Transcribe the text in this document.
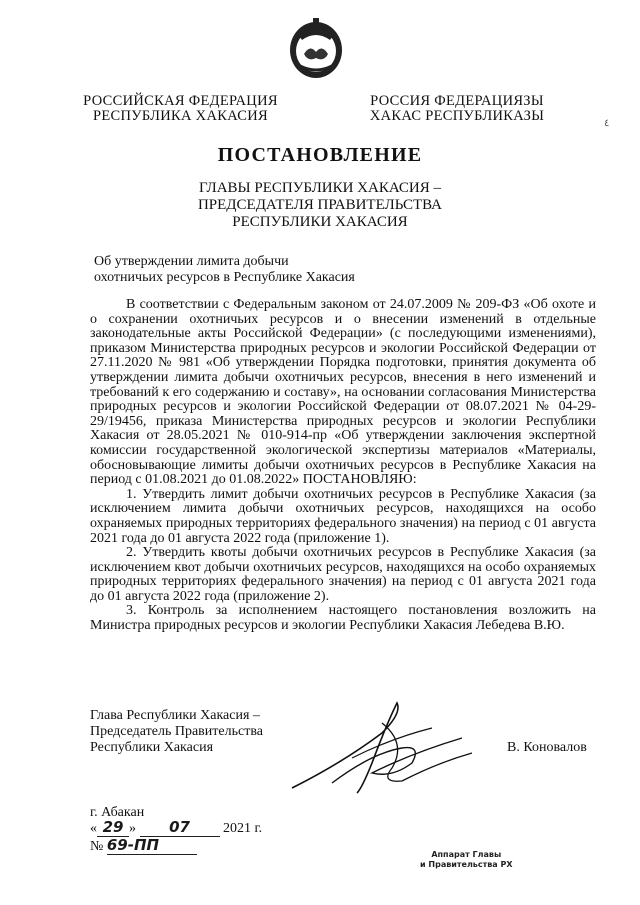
РОССИЙСКАЯ ФЕДЕРАЦИЯ
РЕСПУБЛИКА ХАКАСИЯ
РОССИЯ ФЕДЕРАЦИЯЗЫ
ХАКАС РЕСПУБЛИКАЗЫ	٤
ПОСТАНОВЛЕНИЕ
ГЛАВЫ РЕСПУБЛИКИ ХАКАСИЯ –
ПРЕДСЕДАТЕЛЯ ПРАВИТЕЛЬСТВА
РЕСПУБЛИКИ ХАКАСИЯ
Об утверждении лимита добычи
охотничьих ресурсов в Республике Хакасия

В соответствии с Федеральным законом от 24.07.2009 № 209-ФЗ «Об охоте и о сохранении охотничьих ресурсов и о внесении изменений в отдельные законодательные акты Российской Федерации» (с последующими изменениями), приказом Министерства природных ресурсов и экологии Российской Федерации от 27.11.2020 № 981 «Об утверждении Порядка подготовки, принятия документа об утверждении лимита добычи охотничьих ресурсов, внесения в него изменений и требований к его содержанию и составу», на основании согласования Министерства природных ресурсов и экологии Российской Федерации от 08.07.2021 № 04-29-29/19456, приказа Министерства природных ресурсов и экологии Республики Хакасия от 28.05.2021 № 010-914-пр «Об утверждении заключения экспертной комиссии государственной экологической экспертизы материалов «Материалы, обосновывающие лимиты добычи охотничьих ресурсов в Республике Хакасия на период с 01.08.2021 до 01.08.2022» ПОСТАНОВЛЯЮ:

1. Утвердить лимит добычи охотничьих ресурсов в Республике Хакасия (за исключением лимита добычи охотничьих ресурсов, находящихся на особо охраняемых природных территориях федерального значения) на период с 01 августа 2021 года до 01 августа 2022 года (приложение 1).

2. Утвердить квоты добычи охотничьих ресурсов в Республике Хакасия (за исключением квот добычи охотничьих ресурсов, находящихся на особо охраняемых природных территориях федерального значения) на период с 01 августа 2021 года до 01 августа 2022 года (приложение 2).

3. Контроль за исполнением настоящего постановления возложить на Министра природных ресурсов и экологии Республики Хакасия Лебедева В.Ю.

Глава Республики Хакасия –
Председатель Правительства
Республики Хакасия	В. Коновалов
г. Абакан
« 29 » 07 2021 г.
№ 69-ПП
Аппарат Главы
и Правительства РХ
